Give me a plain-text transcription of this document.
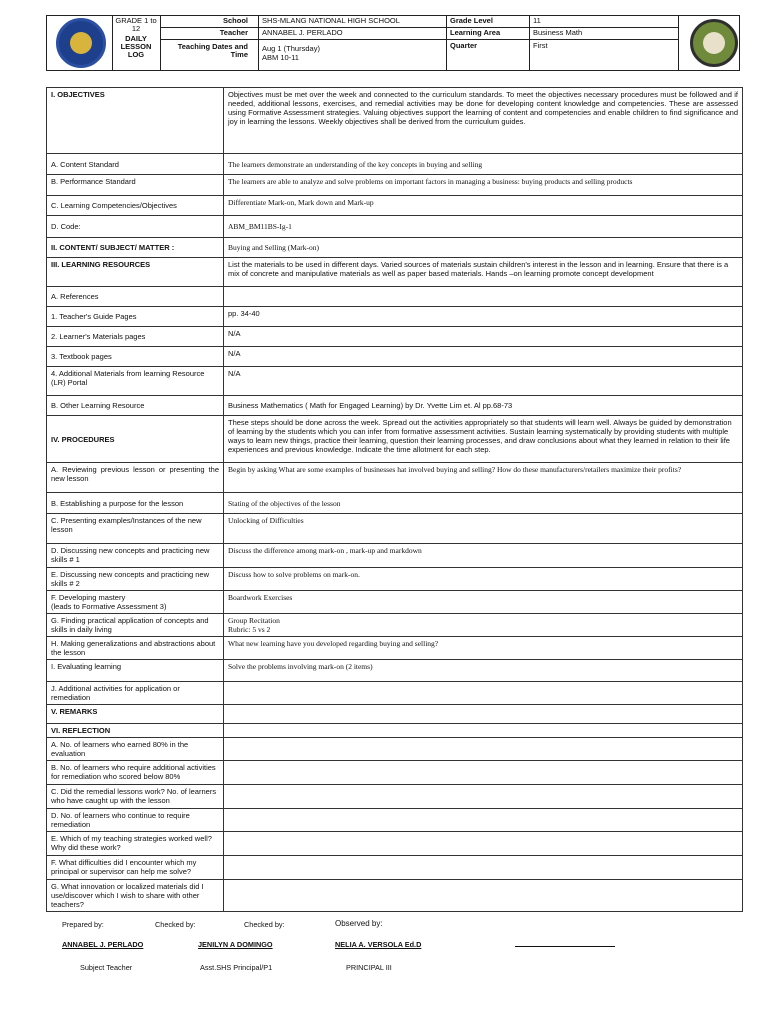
GRADE 1 to 12
DAILY LESSON LOG
School SHS-MLANG NATIONAL HIGH SCHOOL
Teacher ANNABEL J. PERLADO
Teaching Dates and Time
Aug 1 (Thursday)
ABM 10-11
Grade Level	11
Learning Area	Business Math
Quarter	First
I. OBJECTIVES	Objectives must be met over the week and connected to the curriculum standards. To meet the objectives necessary procedures must be followed and if needed, additional lessons, exercises, and remedial activities may be done for developing content knowledge and competencies. These are assessed using Formative Assessment strategies. Valuing objectives support the learning of content and competencies and enable children to find significance and joy in learning the lessons. Weekly objectives shall be derived from the curriculum guides.
A. Content Standard	The learners demonstrate an understanding of the key concepts in buying and selling
B. Performance Standard	The learners are able to analyze and solve problems on important factors in managing a business: buying products and selling products
C. Learning Competencies/Objectives	Differentiate Mark-on, Mark down and Mark-up
D. Code:	ABM_BM11BS-Ig-1
II. CONTENT/ SUBJECT/ MATTER :	Buying and Selling (Mark-on)
III. LEARNING RESOURCES	List the materials to be used in different days. Varied sources of materials sustain children's interest in the lesson and in learning. Ensure that there is a mix of concrete and manipulative materials as well as paper based materials. Hands –on learning promote concept development
A. References	
1. Teacher's Guide Pages	pp. 34-40
2. Learner's Materials pages	N/A
3. Textbook pages	N/A
4. Additional Materials from learning Resource (LR) Portal	N/A
B. Other Learning Resource	Business Mathematics ( Math for Engaged Learning) by Dr. Yvette Lim et. Al pp.68-73
IV. PROCEDURES	These steps should be done across the week. Spread out the activities appropriately so that students will learn well. Always be guided by demonstration of learning by the students which you can infer from formative assessment activities. Sustain learning systematically by providing students with multiple ways to learn new things, practice their learning, question their learning processes, and draw conclusions about what they learned in relation to their life experiences and previous knowledge. Indicate the time allotment for each step.
A. Reviewing previous lesson or presenting the new lesson	Begin by asking What are some examples of businesses hat involved buying and selling? How do these manufacturers/retailers maximize their profits?
B. Establishing a purpose for the lesson	Stating of the objectives of the lesson
C. Presenting examples/Instances of the new lesson	Unlocking of Difficulties
D. Discussing new concepts and practicing new skills # 1	Discuss the difference among mark-on , mark-up and markdown
E. Discussing new concepts and practicing new skills # 2	Discuss how to solve problems on mark-on.

F. Developing mastery
(leads to Formative Assessment 3)	Boardwork Exercises
G. Finding practical application of concepts and skills in daily living	Group Recitation
Rubric: 5 vs 2

H. Making generalizations and abstractions about the lesson	What new learning have you developed regarding buying and selling?
I. Evaluating learning	Solve the problems involving mark-on (2 items)
J. Additional activities for application or remediation	
V. REMARKS	
VI. REFLECTION	
A. No. of learners who earned 80% in the evaluation	
B. No. of learners who require additional activities for remediation who scored below 80%	
C. Did the remedial lessons work? No. of learners who have caught up with the lesson	
D. No. of learners who continue to require remediation	
E. Which of my teaching strategies worked well? Why did these work?	
F. What difficulties did I encounter which my principal or supervisor can help me solve?	
G. What innovation or localized materials did I use/discover which I wish to share with other teachers?	
Prepared by:	Checked by:	Checked by:	Observed by:
ANNABEL J. PERLADO	JENILYN A DOMINGO	NELIA A. VERSOLA Ed.D
Subject Teacher	Asst.SHS Principal/P1	PRINCIPAL III
